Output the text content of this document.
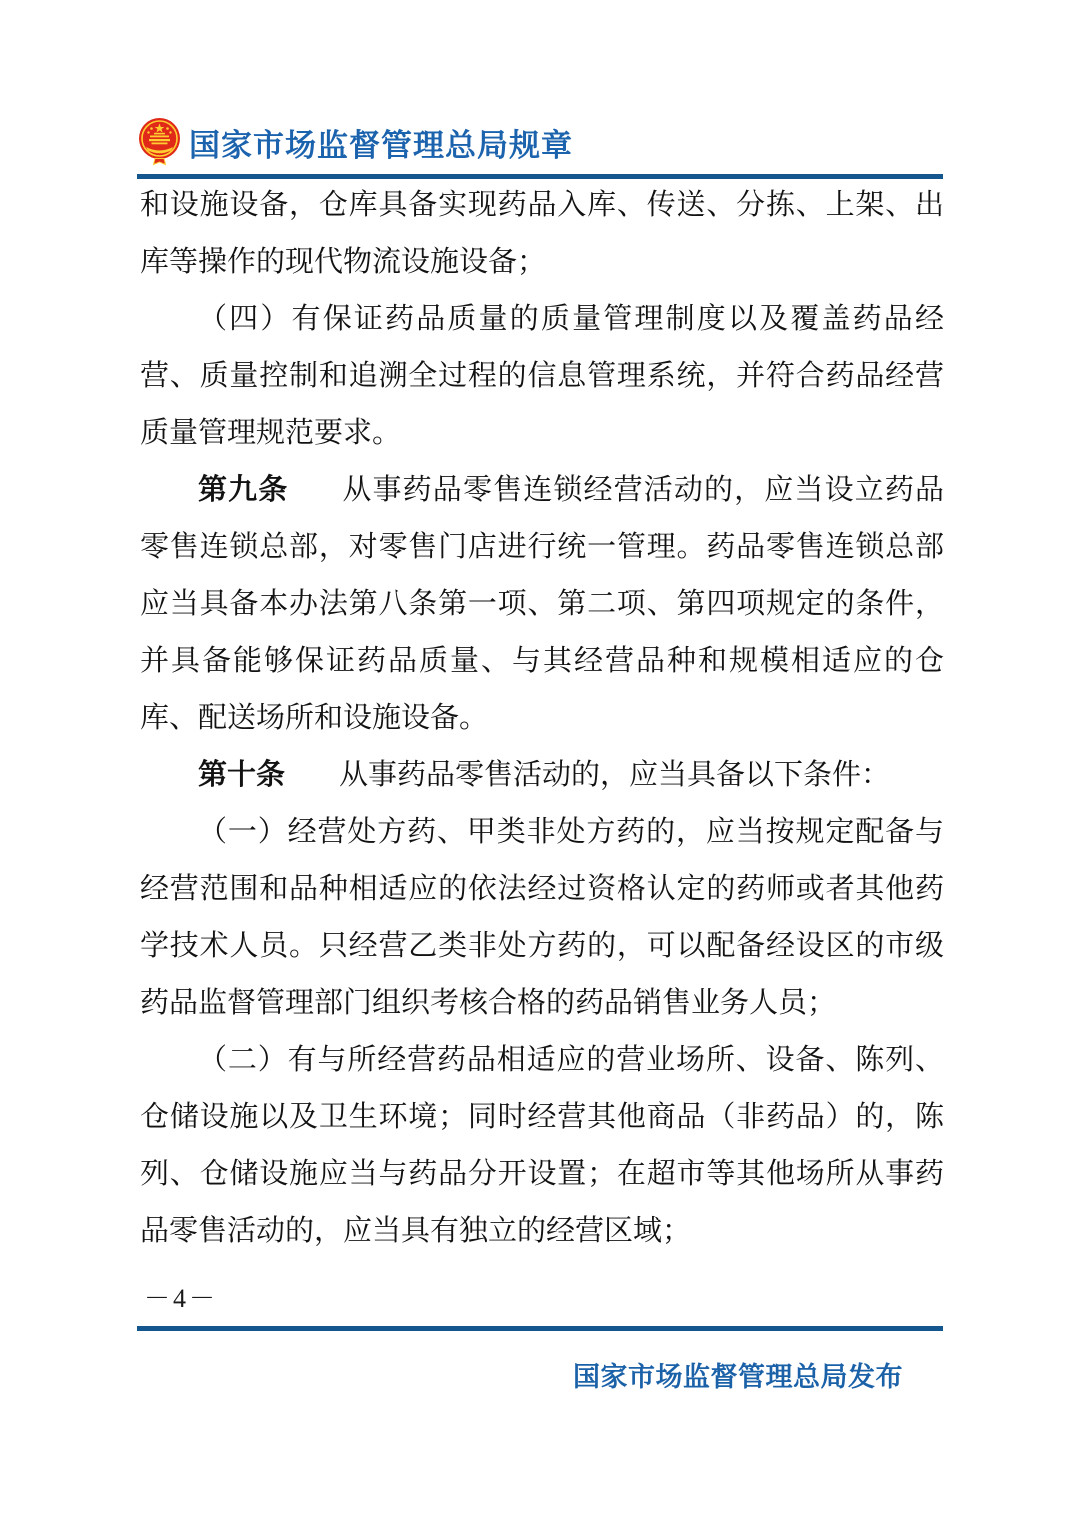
国家市场监督管理总局规章

和设施设备，仓库具备实现药品入库、传送、分拣、上架、出库等操作的现代物流设施设备；

（四）有保证药品质量的质量管理制度以及覆盖药品经营、质量控制和追溯全过程的信息管理系统，并符合药品经营质量管理规范要求。

第九条 从事药品零售连锁经营活动的，应当设立药品零售连锁总部，对零售门店进行统一管理。药品零售连锁总部应当具备本办法第八条第一项、第二项、第四项规定的条件，并具备能够保证药品质量、与其经营品种和规模相适应的仓库、配送场所和设施设备。

第十条 从事药品零售活动的，应当具备以下条件：

（一）经营处方药、甲类非处方药的，应当按规定配备与经营范围和品种相适应的依法经过资格认定的药师或者其他药学技术人员。只经营乙类非处方药的，可以配备经设区的市级药品监督管理部门组织考核合格的药品销售业务人员；

（二）有与所经营药品相适应的营业场所、设备、陈列、仓储设施以及卫生环境；同时经营其他商品（非药品）的，陈列、仓储设施应当与药品分开设置；在超市等其他场所从事药品零售活动的，应当具有独立的经营区域；

－4－
国家市场监督管理总局发布
